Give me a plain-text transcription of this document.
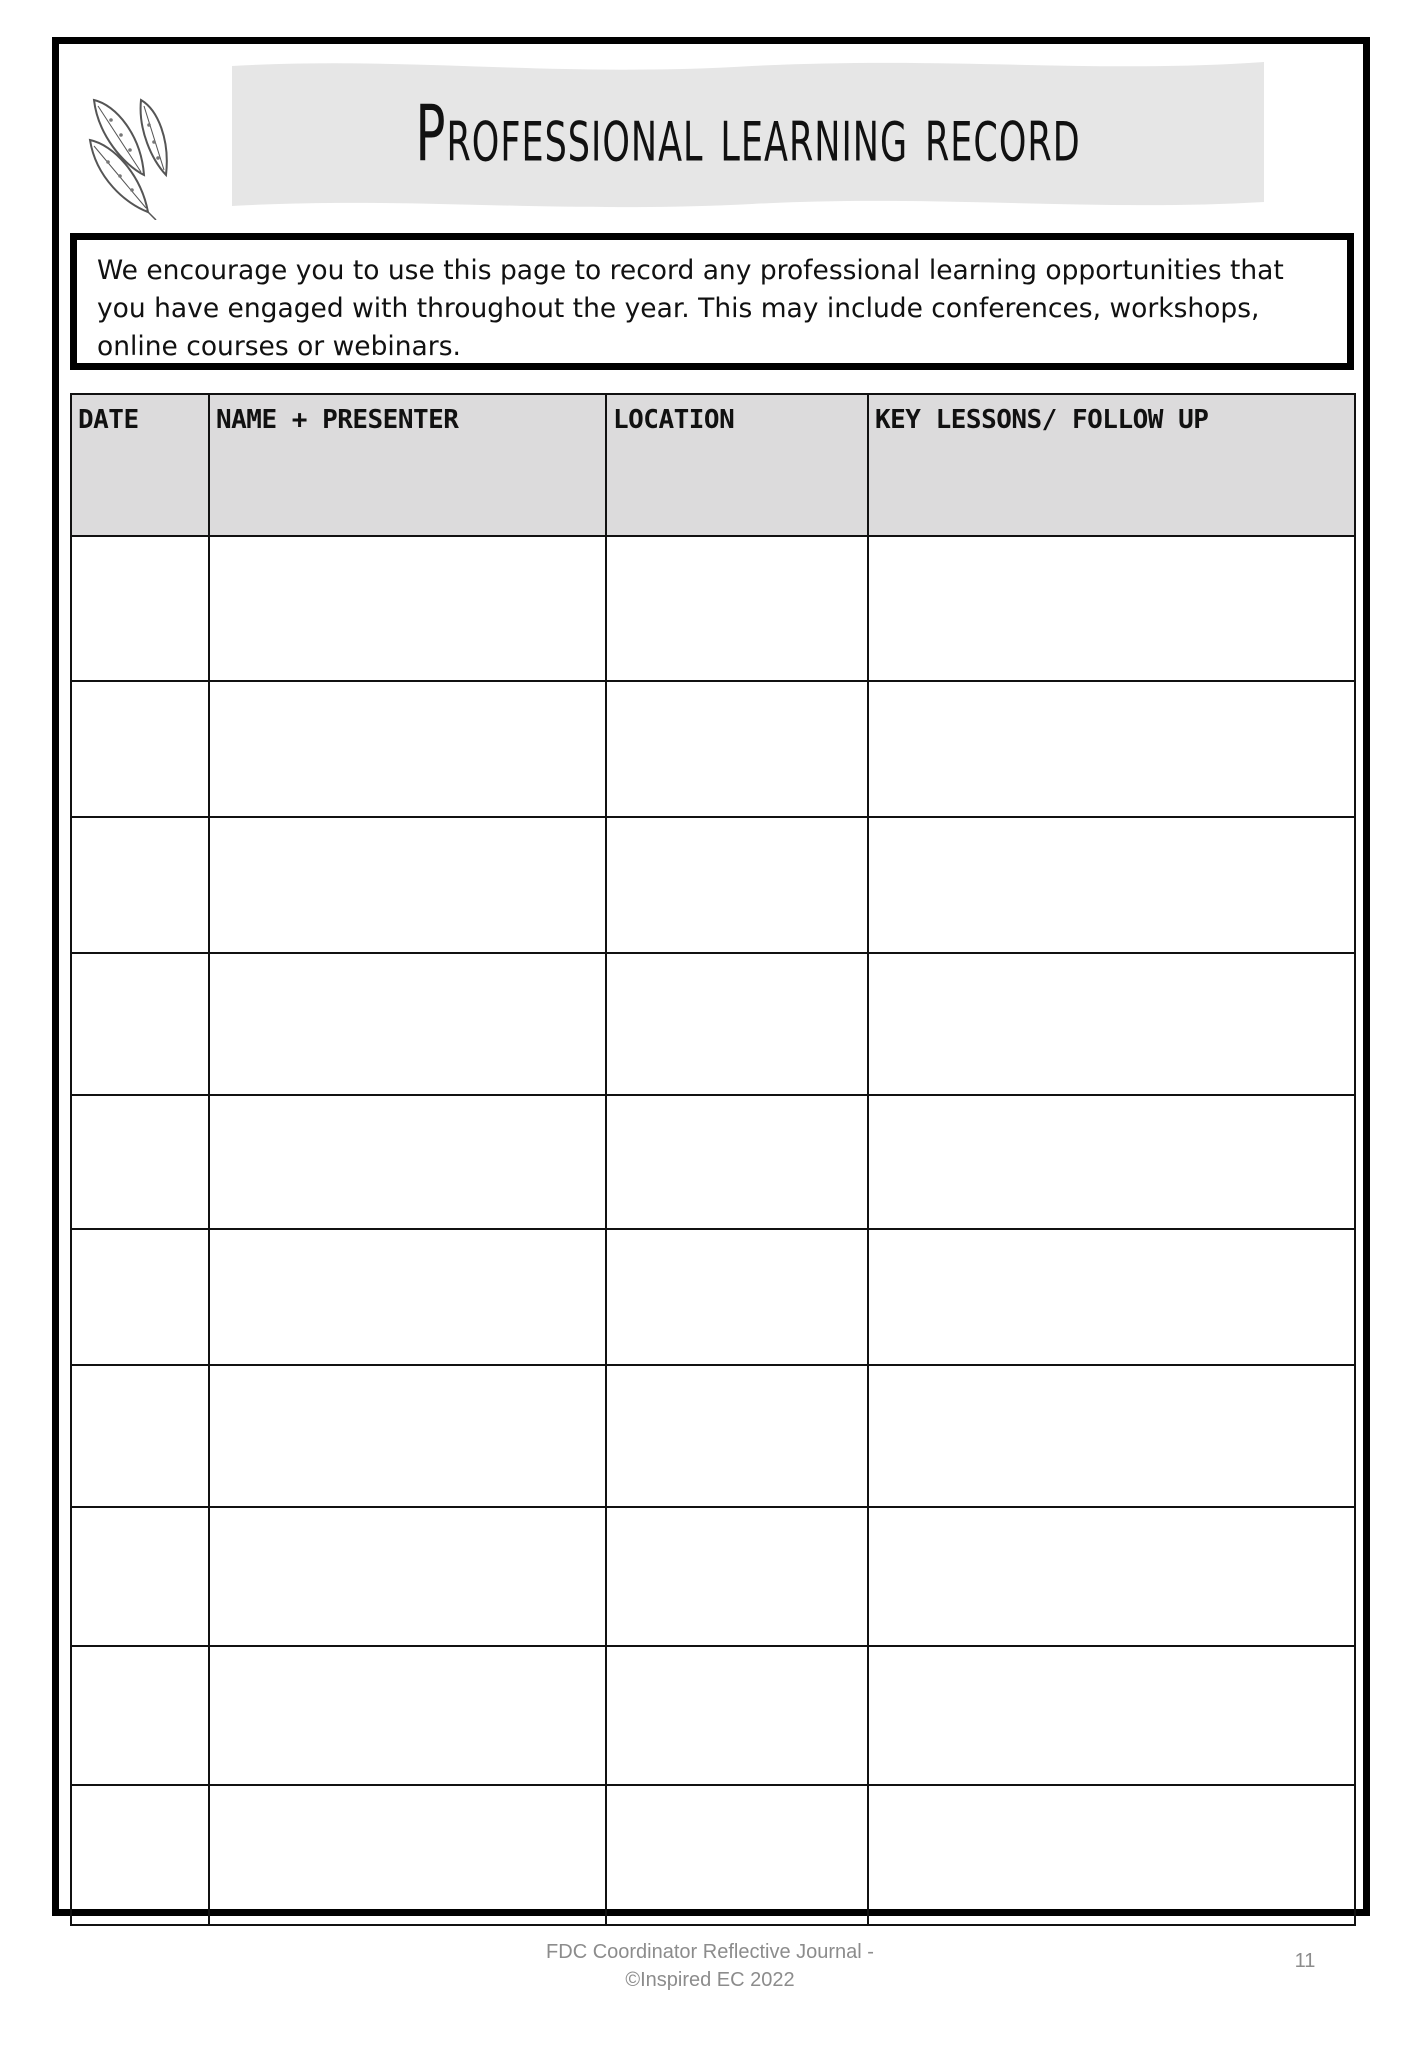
Professional learning record
We encourage you to use this page to record any professional learning opportunities that you have engaged with throughout the year. This may include conferences, workshops, online courses or webinars.
DATE	NAME + PRESENTER	LOCATION	KEY LESSONS/ FOLLOW UP

FDC Coordinator Reflective Journal -
©Inspired EC 2022
11
